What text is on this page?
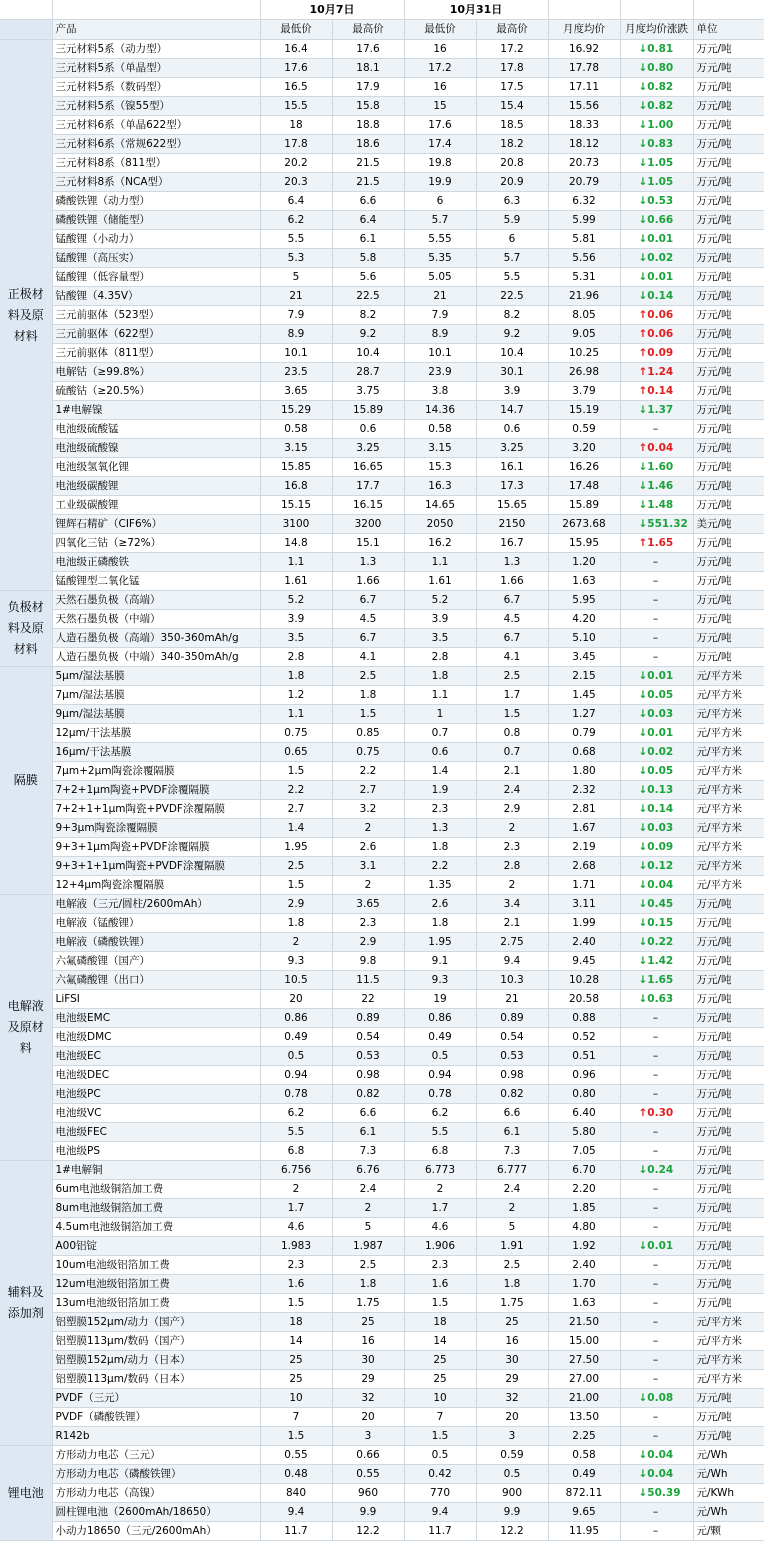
		10月7日		10月31日				
	产品	最低价	最高价	最低价	最高价	月度均价	月度均价涨跌	单位
正极材料及原材料	三元材料5系（动力型）	16.4	17.6	16	17.2	16.92	↓0.81	万元/吨
	三元材料5系（单晶型）	17.6	18.1	17.2	17.8	17.78	↓0.80	万元/吨
	三元材料5系（数码型）	16.5	17.9	16	17.5	17.11	↓0.82	万元/吨
	三元材料5系（镍55型）	15.5	15.8	15	15.4	15.56	↓0.82	万元/吨
	三元材料6系（单晶622型）	18	18.8	17.6	18.5	18.33	↓1.00	万元/吨
	三元材料6系（常规622型）	17.8	18.6	17.4	18.2	18.12	↓0.83	万元/吨
	三元材料8系（811型）	20.2	21.5	19.8	20.8	20.73	↓1.05	万元/吨
	三元材料8系（NCA型）	20.3	21.5	19.9	20.9	20.79	↓1.05	万元/吨
	磷酸铁锂（动力型）	6.4	6.6	6	6.3	6.32	↓0.53	万元/吨
	磷酸铁锂（储能型）	6.2	6.4	5.7	5.9	5.99	↓0.66	万元/吨
	锰酸锂（小动力）	5.5	6.1	5.55	6	5.81	↓0.01	万元/吨
	锰酸锂（高压实）	5.3	5.8	5.35	5.7	5.56	↓0.02	万元/吨
	锰酸锂（低容量型）	5	5.6	5.05	5.5	5.31	↓0.01	万元/吨
	钴酸锂（4.35V）	21	22.5	21	22.5	21.96	↓0.14	万元/吨
	三元前驱体（523型）	7.9	8.2	7.9	8.2	8.05	↑0.06	万元/吨
	三元前驱体（622型）	8.9	9.2	8.9	9.2	9.05	↑0.06	万元/吨
	三元前驱体（811型）	10.1	10.4	10.1	10.4	10.25	↑0.09	万元/吨
	电解钴（≥99.8%）	23.5	28.7	23.9	30.1	26.98	↑1.24	万元/吨
	硫酸钴（≥20.5%）	3.65	3.75	3.8	3.9	3.79	↑0.14	万元/吨
	1#电解镍	15.29	15.89	14.36	14.7	15.19	↓1.37	万元/吨
	电池级硫酸锰	0.58	0.6	0.58	0.6	0.59	–	万元/吨
	电池级硫酸镍	3.15	3.25	3.15	3.25	3.20	↑0.04	万元/吨
	电池级氢氧化锂	15.85	16.65	15.3	16.1	16.26	↓1.60	万元/吨
	电池级碳酸锂	16.8	17.7	16.3	17.3	17.48	↓1.46	万元/吨
	工业级碳酸锂	15.15	16.15	14.65	15.65	15.89	↓1.48	万元/吨
	锂辉石精矿（CIF6%）	3100	3200	2050	2150	2673.68	↓551.32	美元/吨
	四氧化三钴（≥72%）	14.8	15.1	16.2	16.7	15.95	↑1.65	万元/吨
	电池级正磷酸铁	1.1	1.3	1.1	1.3	1.20	–	万元/吨
	锰酸锂型二氧化锰	1.61	1.66	1.61	1.66	1.63	–	万元/吨
负极材料及原材料	天然石墨负极（高端）	5.2	6.7	5.2	6.7	5.95	–	万元/吨
	天然石墨负极（中端）	3.9	4.5	3.9	4.5	4.20	–	万元/吨
	人造石墨负极（高端）350-360mAh/g	3.5	6.7	3.5	6.7	5.10	–	万元/吨
	人造石墨负极（中端）340-350mAh/g	2.8	4.1	2.8	4.1	3.45	–	万元/吨
隔膜	5μm/湿法基膜	1.8	2.5	1.8	2.5	2.15	↓0.01	元/平方米
	7μm/湿法基膜	1.2	1.8	1.1	1.7	1.45	↓0.05	元/平方米
	9μm/湿法基膜	1.1	1.5	1	1.5	1.27	↓0.03	元/平方米
	12μm/干法基膜	0.75	0.85	0.7	0.8	0.79	↓0.01	元/平方米
	16μm/干法基膜	0.65	0.75	0.6	0.7	0.68	↓0.02	元/平方米
	7μm+2μm陶瓷涂覆隔膜	1.5	2.2	1.4	2.1	1.80	↓0.05	元/平方米
	7+2+1μm陶瓷+PVDF涂覆隔膜	2.2	2.7	1.9	2.4	2.32	↓0.13	元/平方米
	7+2+1+1μm陶瓷+PVDF涂覆隔膜	2.7	3.2	2.3	2.9	2.81	↓0.14	元/平方米
	9+3μm陶瓷涂覆隔膜	1.4	2	1.3	2	1.67	↓0.03	元/平方米
	9+3+1μm陶瓷+PVDF涂覆隔膜	1.95	2.6	1.8	2.3	2.19	↓0.09	元/平方米
	9+3+1+1μm陶瓷+PVDF涂覆隔膜	2.5	3.1	2.2	2.8	2.68	↓0.12	元/平方米
	12+4μm陶瓷涂覆隔膜	1.5	2	1.35	2	1.71	↓0.04	元/平方米
电解液及原材料	电解液（三元/圆柱/2600mAh）	2.9	3.65	2.6	3.4	3.11	↓0.45	万元/吨
	电解液（锰酸锂）	1.8	2.3	1.8	2.1	1.99	↓0.15	万元/吨
	电解液（磷酸铁锂）	2	2.9	1.95	2.75	2.40	↓0.22	万元/吨
	六氟磷酸锂（国产）	9.3	9.8	9.1	9.4	9.45	↓1.42	万元/吨
	六氟磷酸锂（出口）	10.5	11.5	9.3	10.3	10.28	↓1.65	万元/吨
	LiFSI	20	22	19	21	20.58	↓0.63	万元/吨
	电池级EMC	0.86	0.89	0.86	0.89	0.88	–	万元/吨
	电池级DMC	0.49	0.54	0.49	0.54	0.52	–	万元/吨
	电池级EC	0.5	0.53	0.5	0.53	0.51	–	万元/吨
	电池级DEC	0.94	0.98	0.94	0.98	0.96	–	万元/吨
	电池级PC	0.78	0.82	0.78	0.82	0.80	–	万元/吨
	电池级VC	6.2	6.6	6.2	6.6	6.40	↑0.30	万元/吨
	电池级FEC	5.5	6.1	5.5	6.1	5.80	–	万元/吨
	电池级PS	6.8	7.3	6.8	7.3	7.05	–	万元/吨
辅料及添加剂	1#电解铜	6.756	6.76	6.773	6.777	6.70	↓0.24	万元/吨
	6um电池级铜箔加工费	2	2.4	2	2.4	2.20	–	万元/吨
	8um电池级铜箔加工费	1.7	2	1.7	2	1.85	–	万元/吨
	4.5um电池级铜箔加工费	4.6	5	4.6	5	4.80	–	万元/吨
	A00铝锭	1.983	1.987	1.906	1.91	1.92	↓0.01	万元/吨
	10um电池级铝箔加工费	2.3	2.5	2.3	2.5	2.40	–	万元/吨
	12um电池级铝箔加工费	1.6	1.8	1.6	1.8	1.70	–	万元/吨
	13um电池级铝箔加工费	1.5	1.75	1.5	1.75	1.63	–	万元/吨
	铝塑膜152μm/动力（国产）	18	25	18	25	21.50	–	元/平方米
	铝塑膜113μm/数码（国产）	14	16	14	16	15.00	–	元/平方米
	铝塑膜152μm/动力（日本）	25	30	25	30	27.50	–	元/平方米
	铝塑膜113μm/数码（日本）	25	29	25	29	27.00	–	元/平方米
	PVDF（三元）	10	32	10	32	21.00	↓0.08	万元/吨
	PVDF（磷酸铁锂）	7	20	7	20	13.50	–	万元/吨
	R142b	1.5	3	1.5	3	2.25	–	万元/吨
锂电池	方形动力电芯（三元）	0.55	0.66	0.5	0.59	0.58	↓0.04	元/Wh
	方形动力电芯（磷酸铁锂）	0.48	0.55	0.42	0.5	0.49	↓0.04	元/Wh
	方形动力电芯（高镍）	840	960	770	900	872.11	↓50.39	元/KWh
	圆柱锂电池（2600mAh/18650）	9.4	9.9	9.4	9.9	9.65	–	元/Wh
	小动力18650（三元/2600mAh）	11.7	12.2	11.7	12.2	11.95	–	元/颗
